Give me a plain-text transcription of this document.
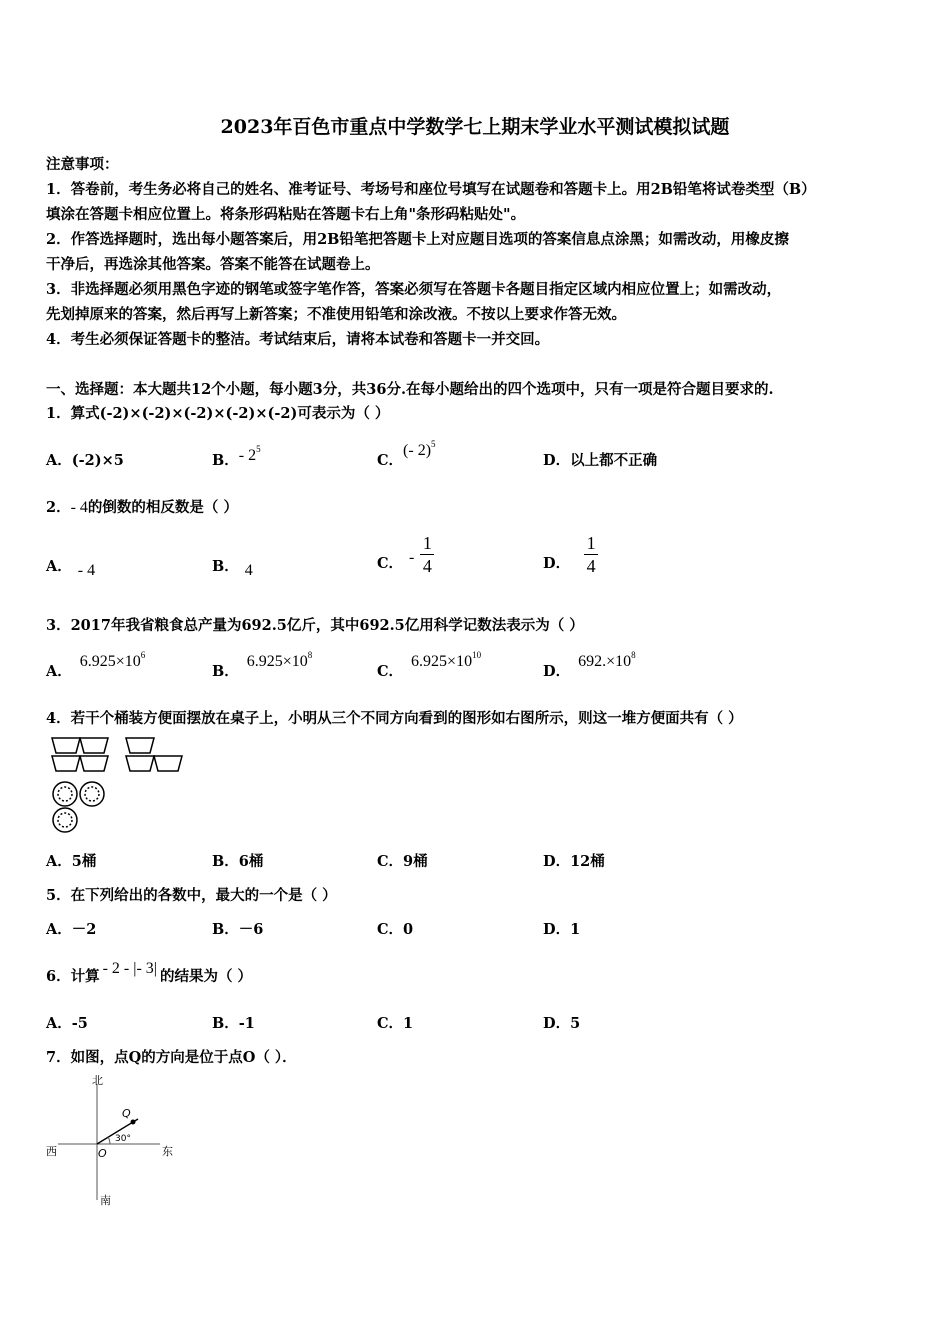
2023年百色市重点中学数学七上期末学业水平测试模拟试题
注意事项：
1．答卷前，考生务必将自己的姓名、准考证号、考场号和座位号填写在试题卷和答题卡上。用2B铅笔将试卷类型（B）
填涂在答题卡相应位置上。将条形码粘贴在答题卡右上角"条形码粘贴处"。
2．作答选择题时，选出每小题答案后，用2B铅笔把答题卡上对应题目选项的答案信息点涂黑；如需改动，用橡皮擦
干净后，再选涂其他答案。答案不能答在试题卷上。
3．非选择题必须用黑色字迹的钢笔或签字笔作答，答案必须写在答题卡各题目指定区域内相应位置上；如需改动，
先划掉原来的答案，然后再写上新答案；不准使用铅笔和涂改液。不按以上要求作答无效。
4．考生必须保证答题卡的整洁。考试结束后，请将本试卷和答题卡一并交回。
一、选择题：本大题共12个小题，每小题3分，共36分.在每小题给出的四个选项中，只有一项是符合题目要求的.
1．算式(-2)×(-2)×(-2)×(-2)×(-2)可表示为（ ）
A．(-2)×5	B．- $2^5$
C．(- 2)$^5$
D．以上都不正确
2．- 4的倒数的相反数是（ ）
A． - 4	B． 4	C． - $\frac{1}{4}$	D． $\frac{1}{4}$
3．2017年我省粮食总产量为692.5亿斤，其中692.5亿用科学记数法表示为（ ）
A．$6.925\times 10^6$
B．$6.925\times 10^8$
C．$6.925\times 10^{10}$
D．$692.\times 10^8$
4．若干个桶装方便面摆放在桌子上，小明从三个不同方向看到的图形如右图所示，则这一堆方便面共有（ ）
A．5桶	B．6桶	C．9桶	D．12桶
5．在下列给出的各数中，最大的一个是（ ）
A．－2	B．－6	C．0	D．1
6．计算 - 2 - |- 3| 的结果为（ ）
A．-5	B．-1	C．1	D．5
7．如图，点Q的方向是位于点O（ ）．
北
南
东
西	O
Q
30°
